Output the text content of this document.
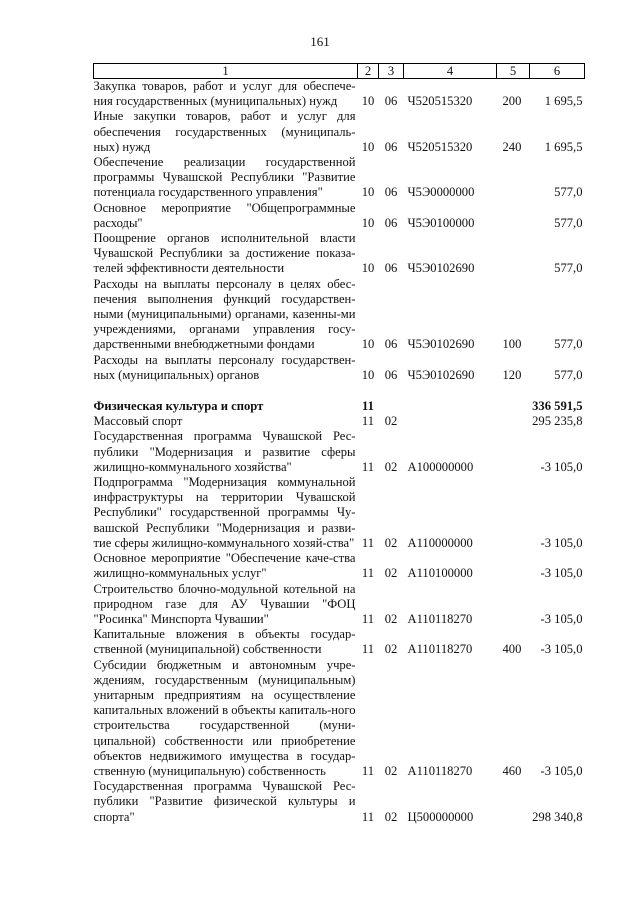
161
1	2	3	4	5	6
Закупка товаров, работ и услуг для обеспече-ния государственных (муниципальных) нужд	10	06	Ч520515320	200	1 695,5
Иные закупки товаров, работ и услуг для обеспечения государственных (муниципаль-ных) нужд	10	06	Ч520515320	240	1 695,5
Обеспечение реализации государственной программы Чувашской Республики "Развитие потенциала государственного управления"	10	06	Ч5Э0000000		577,0
Основное мероприятие "Общепрограммные расходы"	10	06	Ч5Э0100000		577,0
Поощрение органов исполнительной власти Чувашской Республики за достижение показа-телей эффективности деятельности	10	06	Ч5Э0102690		577,0
Расходы на выплаты персоналу в целях обес-печения выполнения функций государствен-ными (муниципальными) органами, казенны-ми учреждениями, органами управления госу-дарственными внебюджетными фондами	10	06	Ч5Э0102690	100	577,0
Расходы на выплаты персоналу государствен-ных (муниципальных) органов	10	06	Ч5Э0102690	120	577,0

Физическая культура и спорт	11				336 591,5
Массовый спорт	11	02			295 235,8
Государственная программа Чувашской Рес-публики "Модернизация и развитие сферы жилищно-коммунального хозяйства"	11	02	А100000000		-3 105,0
Подпрограмма "Модернизация коммунальной инфраструктуры на территории Чувашской Республики" государственной программы Чу-вашской Республики "Модернизация и разви-тие сферы жилищно-коммунального хозяй-ства"	11	02	А110000000		-3 105,0
Основное мероприятие "Обеспечение каче-ства жилищно-коммунальных услуг"	11	02	А110100000		-3 105,0
Строительство блочно-модульной котельной на природном газе для АУ Чувашии "ФОЦ "Росинка" Минспорта Чувашии"	11	02	А110118270		-3 105,0
Капитальные вложения в объекты государ-ственной (муниципальной) собственности	11	02	А110118270	400	-3 105,0
Субсидии бюджетным и автономным учре-ждениям, государственным (муниципальным) унитарным предприятиям на осуществление капитальных вложений в объекты капиталь-ного строительства государственной (муни-ципальной) собственности или приобретение объектов недвижимого имущества в государ-ственную (муниципальную) собственность	11	02	А110118270	460	-3 105,0
Государственная программа Чувашской Рес-публики "Развитие физической культуры и спорта"	11	02	Ц500000000		298 340,8
